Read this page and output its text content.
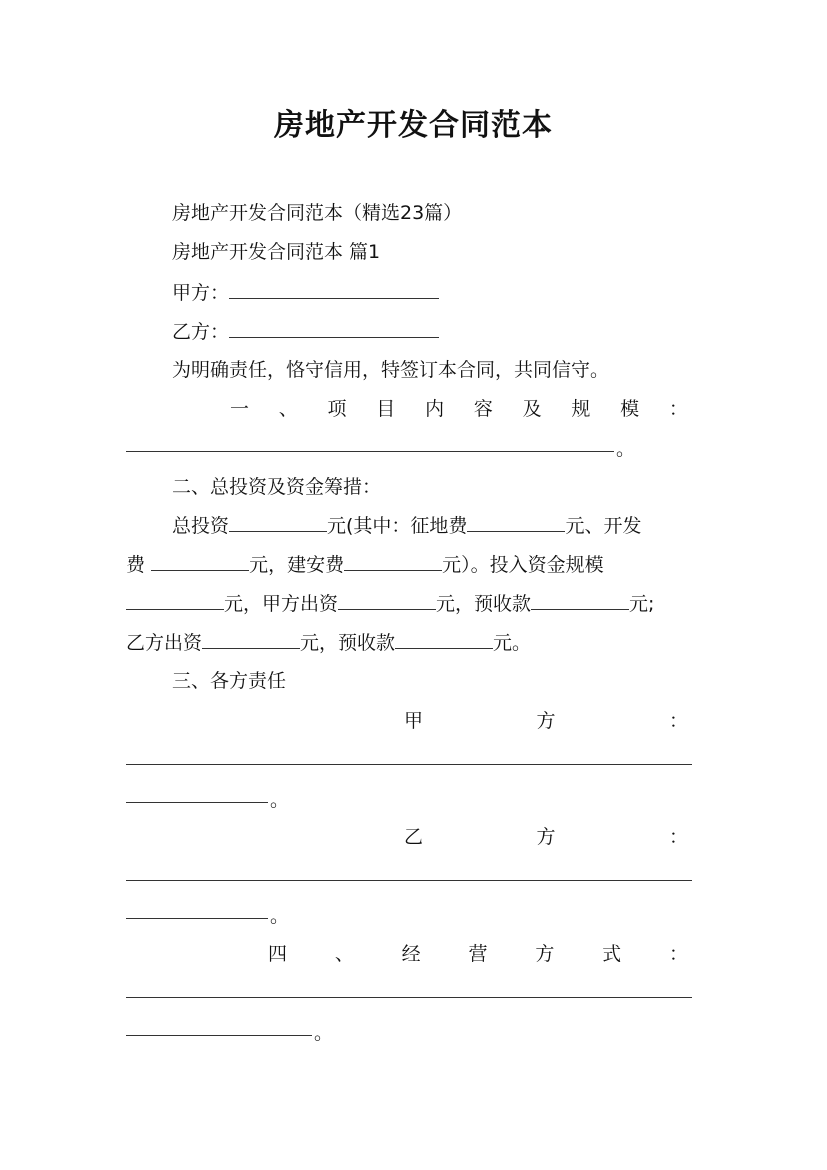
房地产开发合同范本
房地产开发合同范本（精选23篇）
房地产开发合同范本 篇1
甲方：
乙方：
为明确责任，恪守信用，特签订本合同，共同信守。
一 、 项 目 内 容 及 规 模 ：
。
二、总投资及资金筹措：
总投资	元(其中：征地费	元、开发
费	元，建安费	元）。投入资金规模
元，甲方出资	元，预收款	元;
乙方出资	元，预收款	元。
三、各方责任
甲	方	：
。
乙	方	：
。
四	、	经	营	方	式	：
。
